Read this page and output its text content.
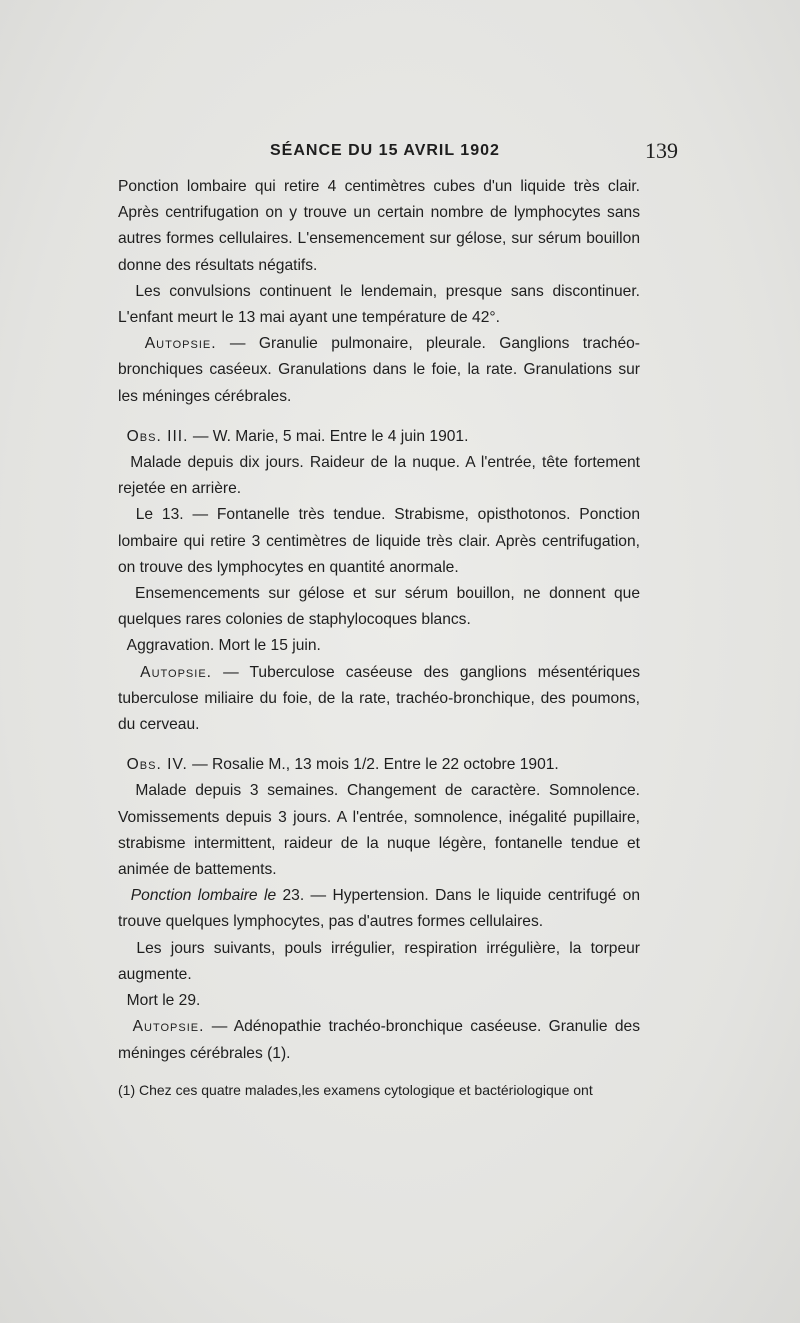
SÉANCE DU 15 AVRIL 1902	139

Ponction lombaire qui retire 4 centimètres cubes d'un liquide très clair. Après centrifugation on y trouve un certain nombre de lymphocytes sans autres formes cellulaires. L'ensemencement sur gélose, sur sérum bouillon donne des résultats négatifs.

Les convulsions continuent le lendemain, presque sans discontinuer. L'enfant meurt le 13 mai ayant une température de 42°.

Autopsie. — Granulie pulmonaire, pleurale. Ganglions trachéo-bronchiques caséeux. Granulations dans le foie, la rate. Granulations sur les méninges cérébrales.

Obs. III. — W. Marie, 5 mai. Entre le 4 juin 1901.

Malade depuis dix jours. Raideur de la nuque. A l'entrée, tête fortement rejetée en arrière.

Le 13. — Fontanelle très tendue. Strabisme, opisthotonos. Ponction lombaire qui retire 3 centimètres de liquide très clair. Après centrifugation, on trouve des lymphocytes en quantité anormale.

Ensemencements sur gélose et sur sérum bouillon, ne donnent que quelques rares colonies de staphylocoques blancs.

Aggravation. Mort le 15 juin.

Autopsie. — Tuberculose caséeuse des ganglions mésentériques tuberculose miliaire du foie, de la rate, trachéo-bronchique, des poumons, du cerveau.

Obs. IV. — Rosalie M., 13 mois 1/2. Entre le 22 octobre 1901.

Malade depuis 3 semaines. Changement de caractère. Somnolence. Vomissements depuis 3 jours. A l'entrée, somnolence, inégalité pupillaire, strabisme intermittent, raideur de la nuque légère, fontanelle tendue et animée de battements.

Ponction lombaire le 23. — Hypertension. Dans le liquide centrifugé on trouve quelques lymphocytes, pas d'autres formes cellulaires.

Les jours suivants, pouls irrégulier, respiration irrégulière, la torpeur augmente.

Mort le 29.

Autopsie. — Adénopathie trachéo-bronchique caséeuse. Granulie des méninges cérébrales (1).

(1) Chez ces quatre malades,les examens cytologique et bactériologique ont
